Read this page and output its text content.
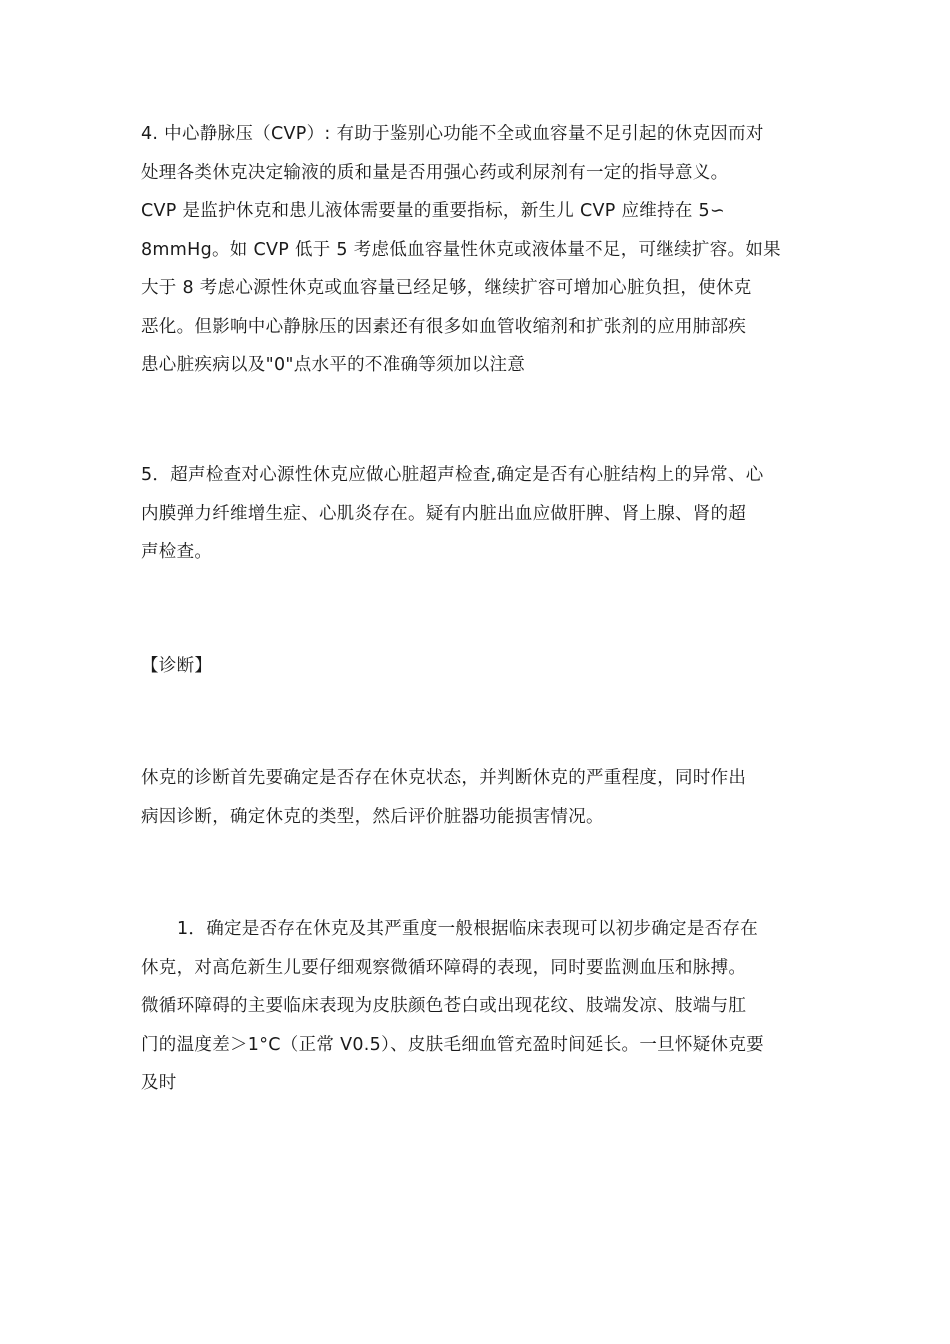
4. 中心静脉压（CVP）: 有助于鉴别心功能不全或血容量不足引起的休克因而对
处理各类休克决定输液的质和量是否用强心药或利尿剂有一定的指导意义。
CVP 是监护休克和患儿液体需要量的重要指标，新生儿 CVP 应维持在 5∽
8mmHg。如 CVP 低于 5 考虑低血容量性休克或液体量不足，可继续扩容。如果
大于 8 考虑心源性休克或血容量已经足够，继续扩容可增加心脏负担，使休克
恶化。但影响中心静脉压的因素还有很多如血管收缩剂和扩张剂的应用肺部疾
患心脏疾病以及"0"点水平的不准确等须加以注意
5．超声检查对心源性休克应做心脏超声检查,确定是否有心脏结构上的异常、心
内膜弹力纤维增生症、心肌炎存在。疑有内脏出血应做肝脾、肾上腺、肾的超
声检查。
【诊断】
休克的诊断首先要确定是否存在休克状态，并判断休克的严重程度，同时作出
病因诊断，确定休克的类型，然后评价脏器功能损害情况。
1．确定是否存在休克及其严重度一般根据临床表现可以初步确定是否存在
休克，对高危新生儿要仔细观察微循环障碍的表现，同时要监测血压和脉搏。
微循环障碍的主要临床表现为皮肤颜色苍白或出现花纹、肢端发凉、肢端与肛
门的温度差＞1°C（正常 V0.5）、皮肤毛细血管充盈时间延长。一旦怀疑休克要
及时
